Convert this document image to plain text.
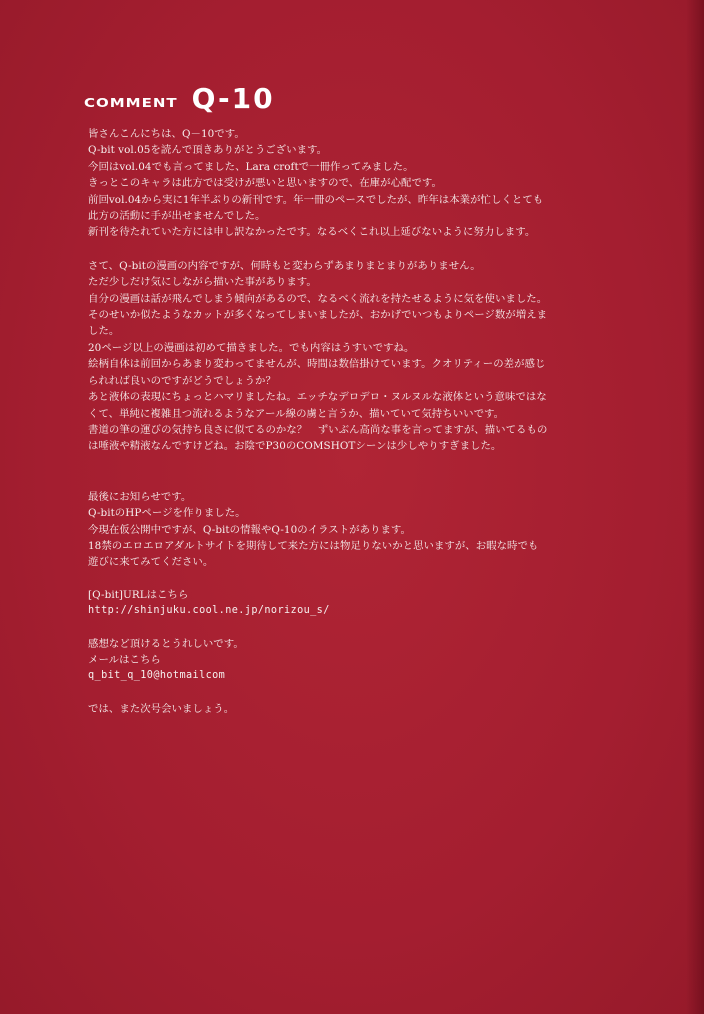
COMMENT Q-10
皆さんこんにちは、Q－10です。
Q-bit vol.05を読んで頂きありがとうございます。
今回はvol.04でも言ってました、Lara croftで一冊作ってみました。
きっとこのキャラは此方では受けが悪いと思いますので、在庫が心配です。
前回vol.04から実に1年半ぶりの新刊です。年一冊のペースでしたが、昨年は本業が忙しくとても
此方の活動に手が出せませんでした。
新刊を待たれていた方には申し訳なかったです。なるべくこれ以上延びないように努力します。
さて、Q-bitの漫画の内容ですが、何時もと変わらずあまりまとまりがありません。
ただ少しだけ気にしながら描いた事があります。
自分の漫画は話が飛んでしまう傾向があるので、なるべく流れを持たせるように気を使いました。
そのせいか似たようなカットが多くなってしまいましたが、おかげでいつもよりページ数が増えま
した。
20ページ以上の漫画は初めて描きました。でも内容はうすいですね。
絵柄自体は前回からあまり変わってませんが、時間は数倍掛けています。クオリティーの差が感じ
られれば良いのですがどうでしょうか？
あと液体の表現にちょっとハマリましたね。エッチなデロデロ・ヌルヌルな液体という意味ではな
くて、単純に複雑且つ流れるようなアール線の虜と言うか、描いていて気持ちいいです。
書道の筆の運びの気持ち良さに似てるのかな？　ずいぶん高尚な事を言ってますが、描いてるもの
は唾液や精液なんですけどね。お陰でP30のCOMSHOTシーンは少しやりすぎました。
最後にお知らせです。
Q-bitのHPページを作りました。
今現在仮公開中ですが、Q-bitの情報やQ-10のイラストがあります。
18禁のエロエロアダルトサイトを期待して来た方には物足りないかと思いますが、お暇な時でも
遊びに来てみてください。
[Q-bit]URLはこちら
http://shinjuku.cool.ne.jp/norizou_s/
感想など頂けるとうれしいです。
メールはこちら
q_bit_q_10@hotmailcom
では、また次号会いましょう。
